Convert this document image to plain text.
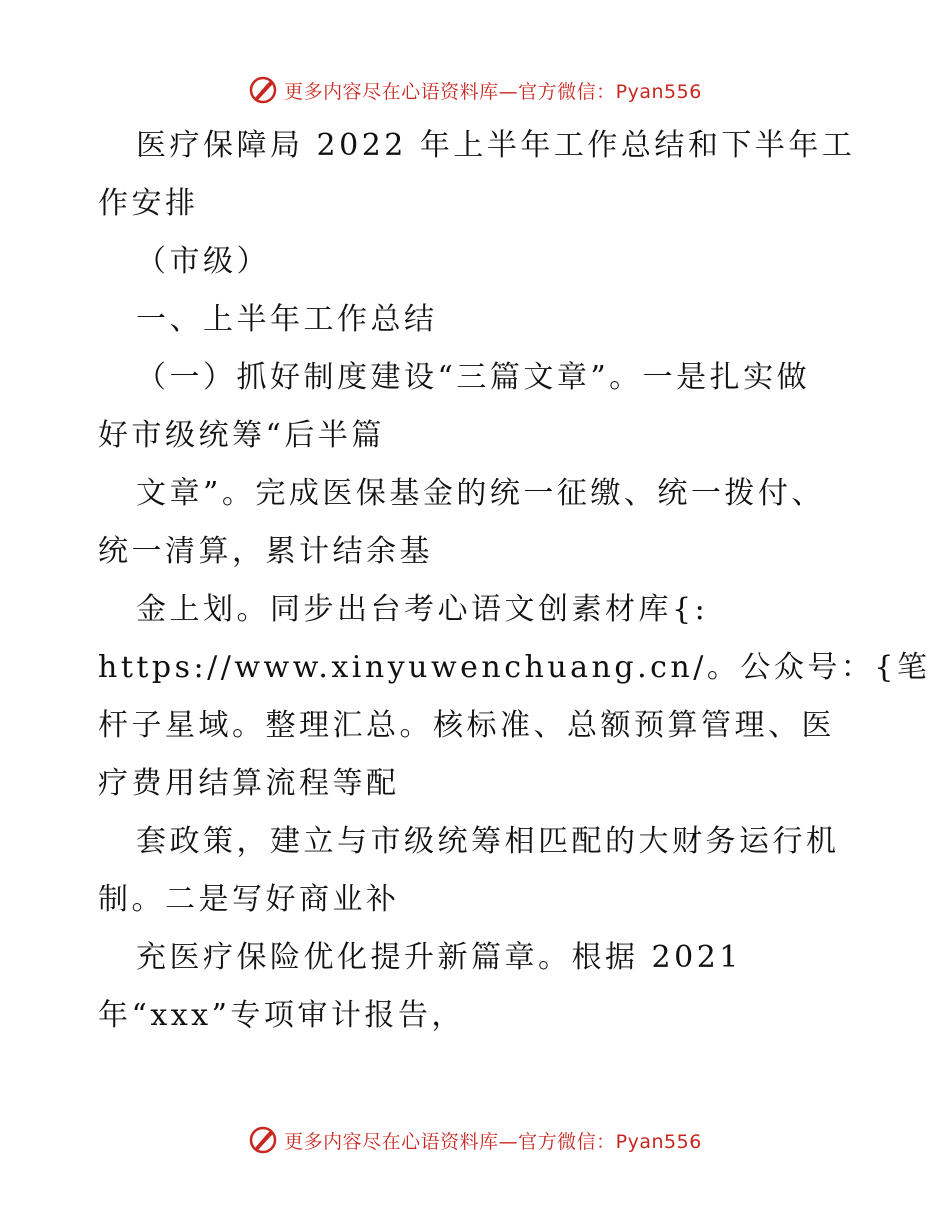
更多内容尽在心语资料库—官方微信：Pyan556
医疗保障局 2022 年上半年工作总结和下半年工
作安排
（市级）
一、上半年工作总结
（一）抓好制度建设“三篇文章”。一是扎实做
好市级统筹“后半篇
文章”。完成医保基金的统一征缴、统一拨付、
统一清算，累计结余基
金上划。同步出台考心语文创素材库{:
https://www.xinyuwenchuang.cn/。公众号：{笔
杆子星域。整理汇总。核标准、总额预算管理、医
疗费用结算流程等配
套政策，建立与市级统筹相匹配的大财务运行机
制。二是写好商业补
充医疗保险优化提升新篇章。根据 2021
年“xxx”专项审计报告，
更多内容尽在心语资料库—官方微信：Pyan556
